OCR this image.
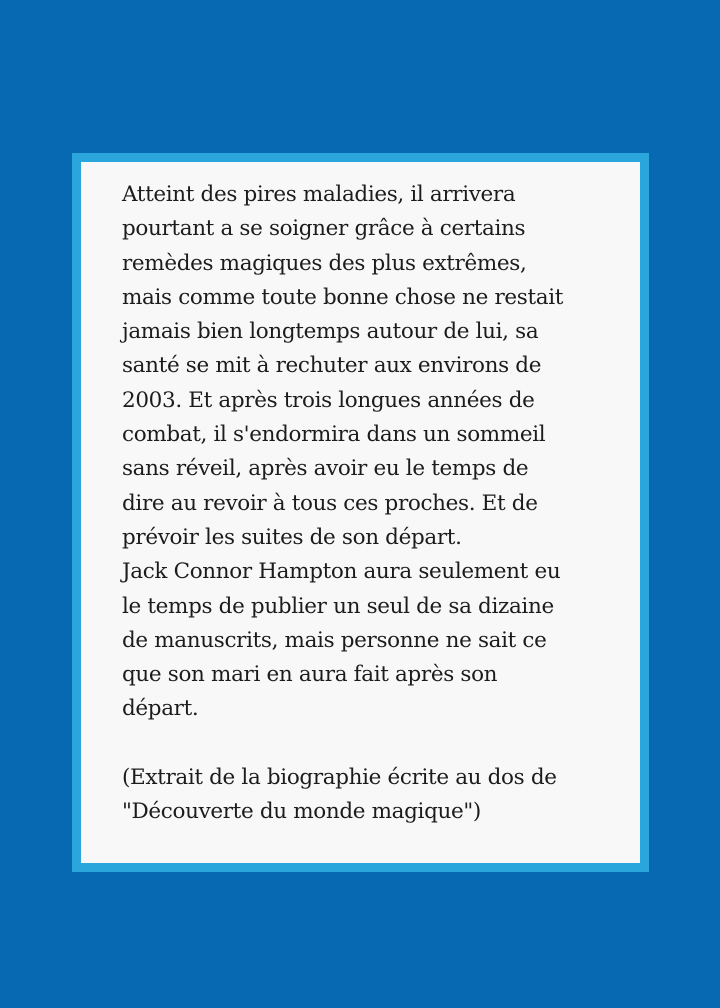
Atteint des pires maladies, il arrivera
pourtant a se soigner grâce à certains
remèdes magiques des plus extrêmes,
mais comme toute bonne chose ne restait
jamais bien longtemps autour de lui, sa
santé se mit à rechuter aux environs de
2003. Et après trois longues années de
combat, il s'endormira dans un sommeil
sans réveil, après avoir eu le temps de
dire au revoir à tous ces proches. Et de
prévoir les suites de son départ.
Jack Connor Hampton aura seulement eu
le temps de publier un seul de sa dizaine
de manuscrits, mais personne ne sait ce
que son mari en aura fait après son
départ.
(Extrait de la biographie écrite au dos de
"Découverte du monde magique")
